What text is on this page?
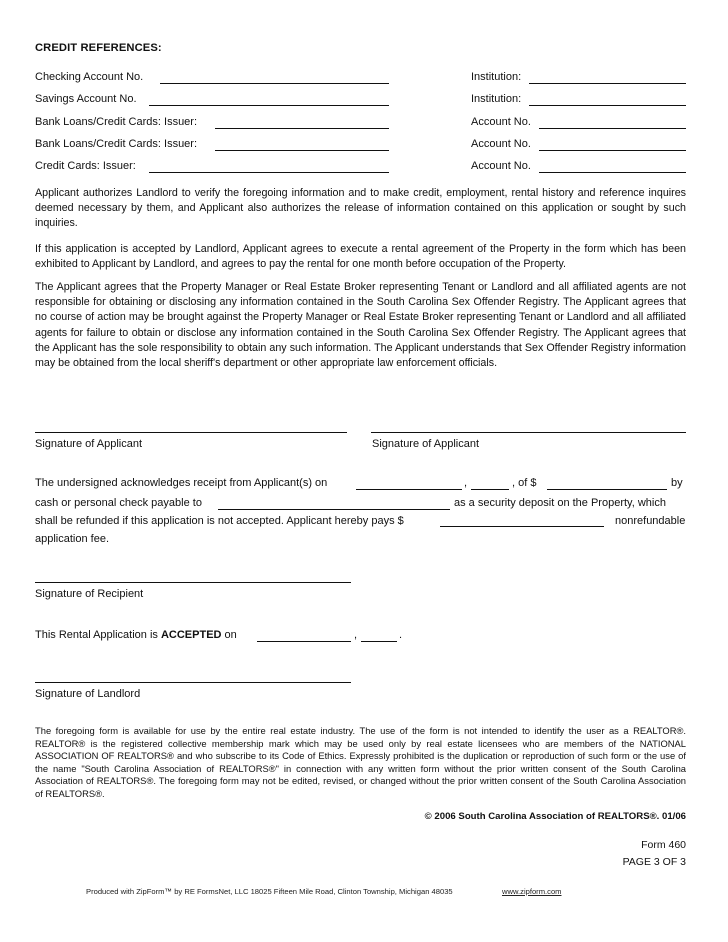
CREDIT REFERENCES:
Checking Account No.	Institution:
Savings Account No.	Institution:
Bank Loans/Credit Cards: Issuer:	Account No.
Bank Loans/Credit Cards: Issuer:	Account No.
Credit Cards: Issuer:	Account No.

Applicant authorizes Landlord to verify the foregoing information and to make credit, employment, rental history and reference inquires deemed necessary by them, and Applicant also authorizes the release of information contained on this application or sought by such inquiries.

If this application is accepted by Landlord, Applicant agrees to execute a rental agreement of the Property in the form which has been exhibited to Applicant by Landlord, and agrees to pay the rental for one month before occupation of the Property.

The Applicant agrees that the Property Manager or Real Estate Broker representing Tenant or Landlord and all affiliated agents are not responsible for obtaining or disclosing any information contained in the South Carolina Sex Offender Registry. The Applicant agrees that no course of action may be brought against the Property Manager or Real Estate Broker representing Tenant or Landlord and all affiliated agents for failure to obtain or disclose any information contained in the South Carolina Sex Offender Registry. The Applicant agrees that the Applicant has the sole responsibility to obtain any such information. The Applicant understands that Sex Offender Registry information may be obtained from the local sheriff's department or other appropriate law enforcement officials.

Signature of Applicant	Signature of Applicant
The undersigned acknowledges receipt from Applicant(s) on	,	, of $	by
cash or personal check payable to	as a security deposit on the Property, which
shall be refunded if this application is not accepted. Applicant hereby pays $	nonrefundable
application fee.
Signature of Recipient
This Rental Application is ACCEPTED on	,	.
Signature of Landlord

The foregoing form is available for use by the entire real estate industry. The use of the form is not intended to identify the user as a REALTOR®. REALTOR® is the registered collective membership mark which may be used only by real estate licensees who are members of the NATIONAL ASSOCIATION OF REALTORS® and who subscribe to its Code of Ethics. Expressly prohibited is the duplication or reproduction of such form or the use of the name "South Carolina Association of REALTORS®" in connection with any written form without the prior written consent of the South Carolina Association of REALTORS®. The foregoing form may not be edited, revised, or changed without the prior written consent of the South Carolina Association of REALTORS®.

© 2006 South Carolina Association of REALTORS®. 01/06
Form 460
PAGE 3 OF 3
Produced with ZipForm™ by RE FormsNet, LLC 18025 Fifteen Mile Road, Clinton Township, Michigan 48035	www.zipform.com
